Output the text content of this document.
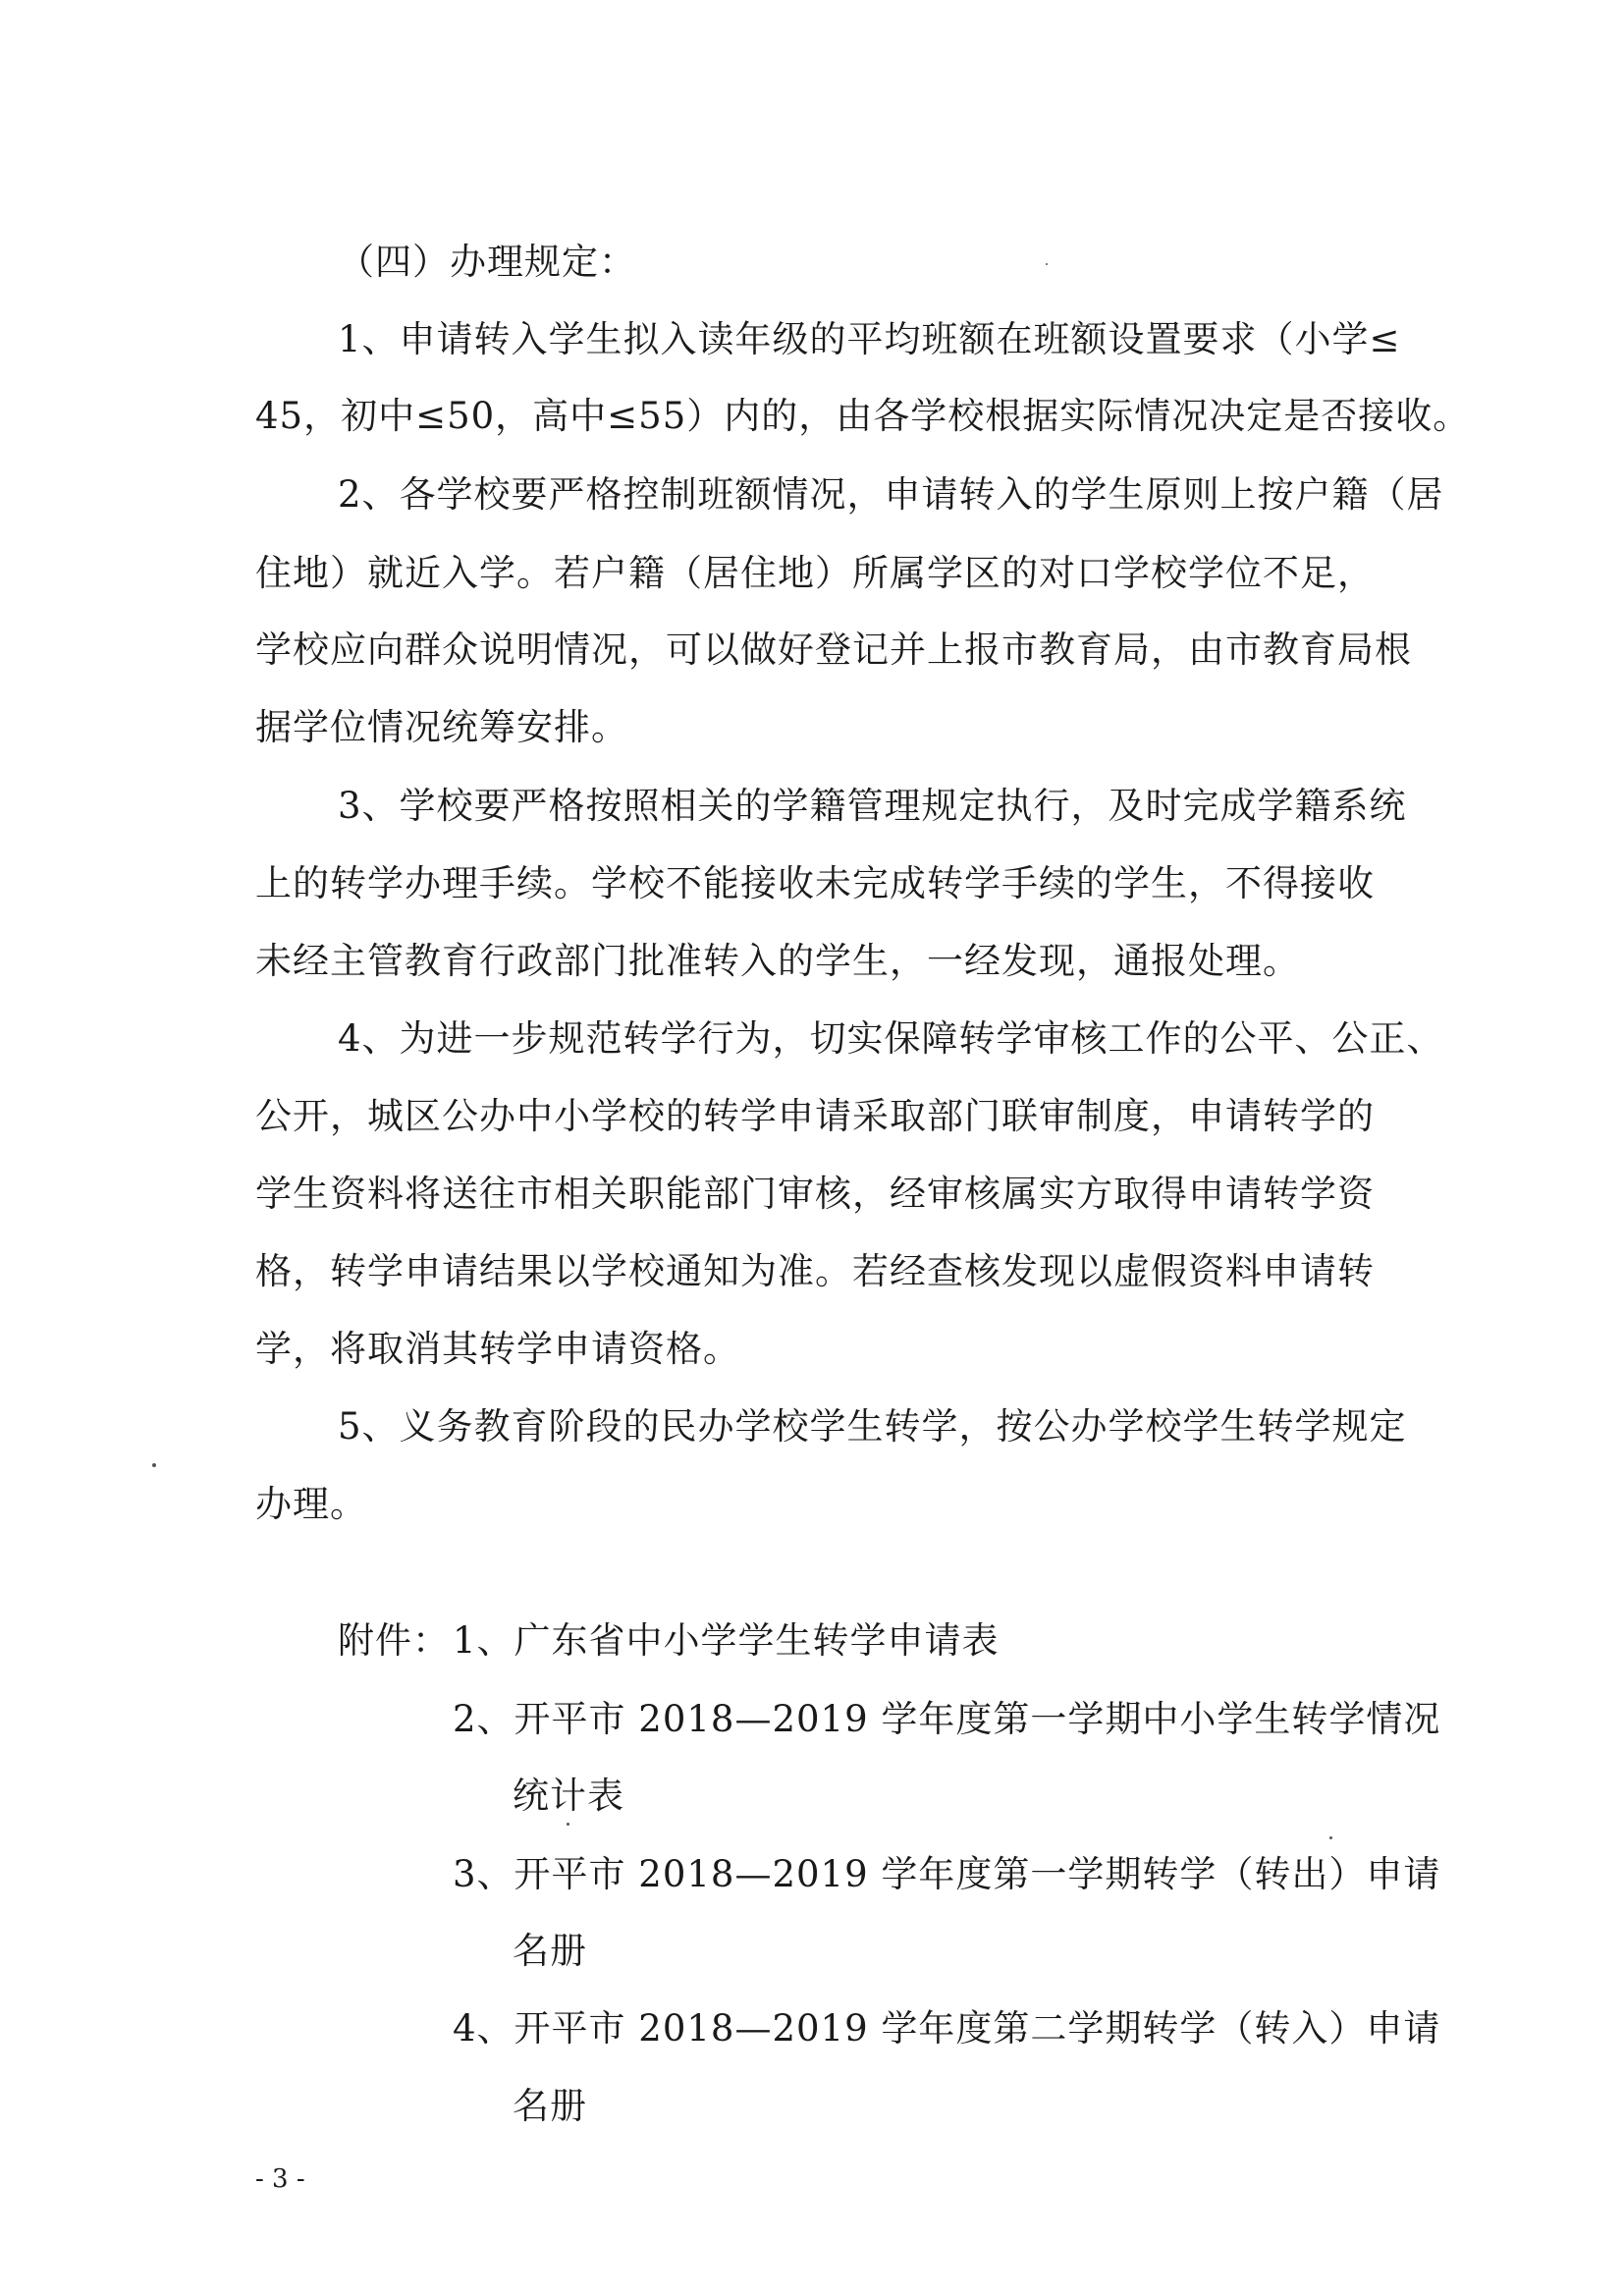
（四）办理规定：
1、申请转入学生拟入读年级的平均班额在班额设置要求（小学≤
45，初中≤50，高中≤55）内的，由各学校根据实际情况决定是否接收。
2、各学校要严格控制班额情况，申请转入的学生原则上按户籍（居
住地）就近入学。若户籍（居住地）所属学区的对口学校学位不足，
学校应向群众说明情况，可以做好登记并上报市教育局，由市教育局根
据学位情况统筹安排。
3、学校要严格按照相关的学籍管理规定执行，及时完成学籍系统
上的转学办理手续。学校不能接收未完成转学手续的学生，不得接收
未经主管教育行政部门批准转入的学生，一经发现，通报处理。
4、为进一步规范转学行为，切实保障转学审核工作的公平、公正、
公开，城区公办中小学校的转学申请采取部门联审制度，申请转学的
学生资料将送往市相关职能部门审核，经审核属实方取得申请转学资
格，转学申请结果以学校通知为准。若经查核发现以虚假资料申请转
学，将取消其转学申请资格。
5、义务教育阶段的民办学校学生转学，按公办学校学生转学规定
办理。
附件： 1、广东省中小学学生转学申请表
2、开平市 2018—2019 学年度第一学期中小学生转学情况
统计表
3、开平市 2018—2019 学年度第一学期转学（转出）申请
名册
4、开平市 2018—2019 学年度第二学期转学（转入）申请
名册
- 3 -
